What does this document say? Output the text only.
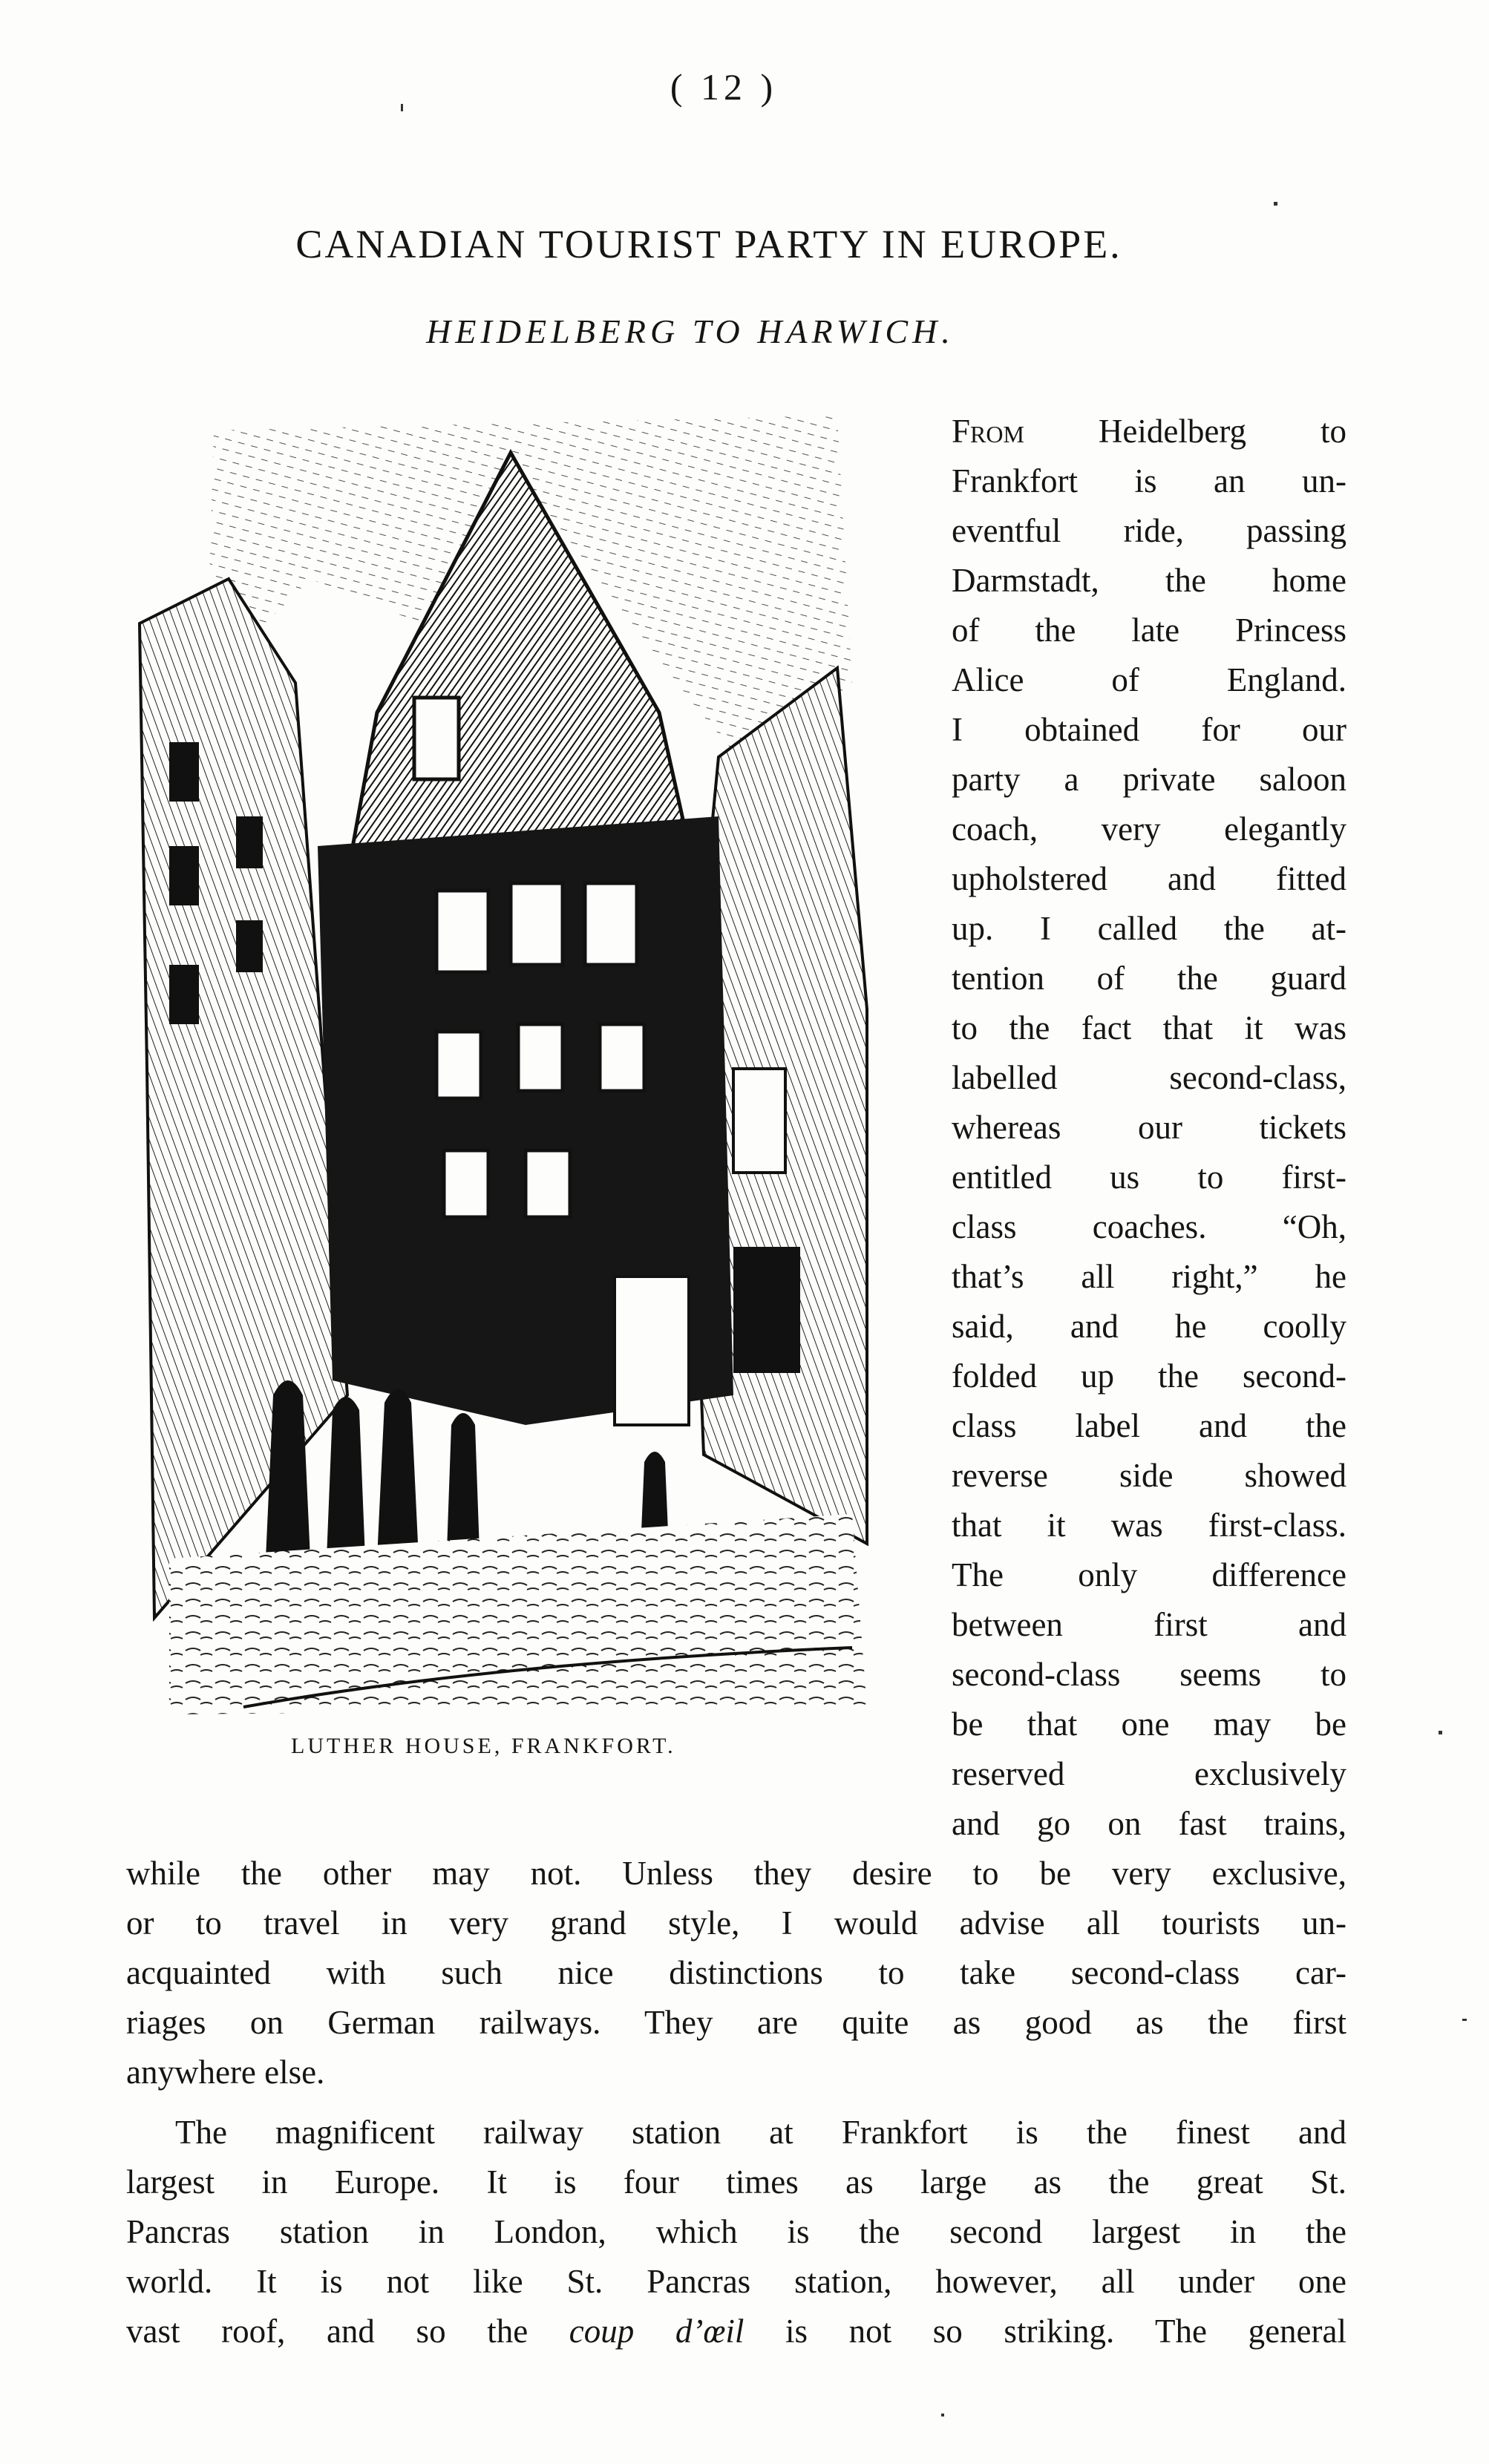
( 12 )
CANADIAN TOURIST PARTY IN EUROPE.
HEIDELBERG TO HARWICH.
LUTHER HOUSE, FRANKFORT.
From Heidelberg to
Frankfort is an un-
eventful ride, passing
Darmstadt, the home
of the late Princess
Alice of England.
I obtained for our
party a private saloon
coach, very elegantly
upholstered and fitted
up. I called the at-
tention of the guard
to the fact that it was
labelled second-class,
whereas our tickets
entitled us to first-
class coaches. “Oh,
that’s all right,” he
said, and he coolly
folded up the second-
class label and the
reverse side showed
that it was first-class.
The only difference
between first and
second-class seems to
be that one may be
reserved exclusively
and go on fast trains,
while the other may not. Unless they desire to be very exclusive,
or to travel in very grand style, I would advise all tourists un-
acquainted with such nice distinctions to take second-class car-
riages on German railways. They are quite as good as the first
anywhere else.
The magnificent railway station at Frankfort is the finest and
largest in Europe. It is four times as large as the great St.
Pancras station in London, which is the second largest in the
world. It is not like St. Pancras station, however, all under one
vast roof, and so the coup d’œil is not so striking. The general
